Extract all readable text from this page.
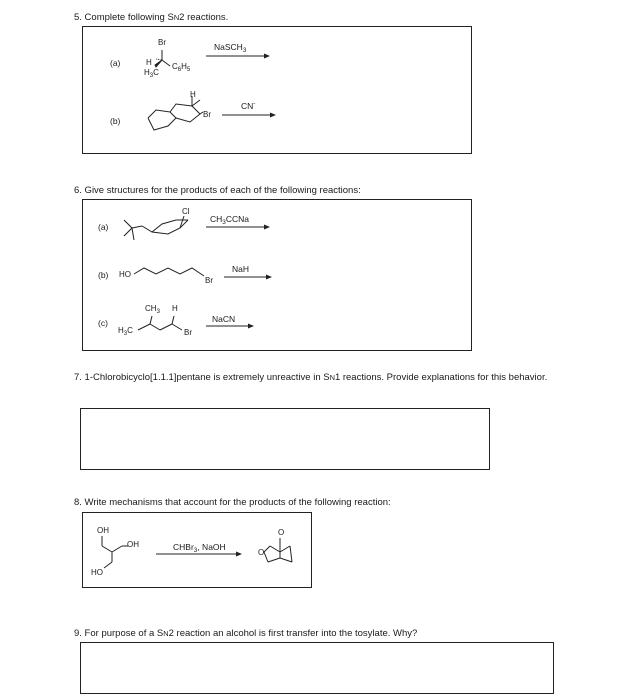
5. Complete following SN2 reactions.
(a)
Br
H
$H_3C$
$C_6H_5$
NaSCH$_3$
(b)
H
Br
CN-
6. Give structures for the products of each of the following reactions:
(a)
Cl
$CH_3CCNa$
(b) HO
Br
NaH
(c)
$CH_3$ H
$H_3C$	Br
NaCN
7. 1-Chlorobicyclo[1.1.1]pentane is extremely unreactive in SN1 reactions. Provide explanations for this behavior.
8. Write mechanisms that account for the products of the following reaction:
OH
OH
HO
CHBr$_3$, NaOH
O
O
9. For purpose of a SN2 reaction an alcohol is first transfer into the tosylate. Why?
